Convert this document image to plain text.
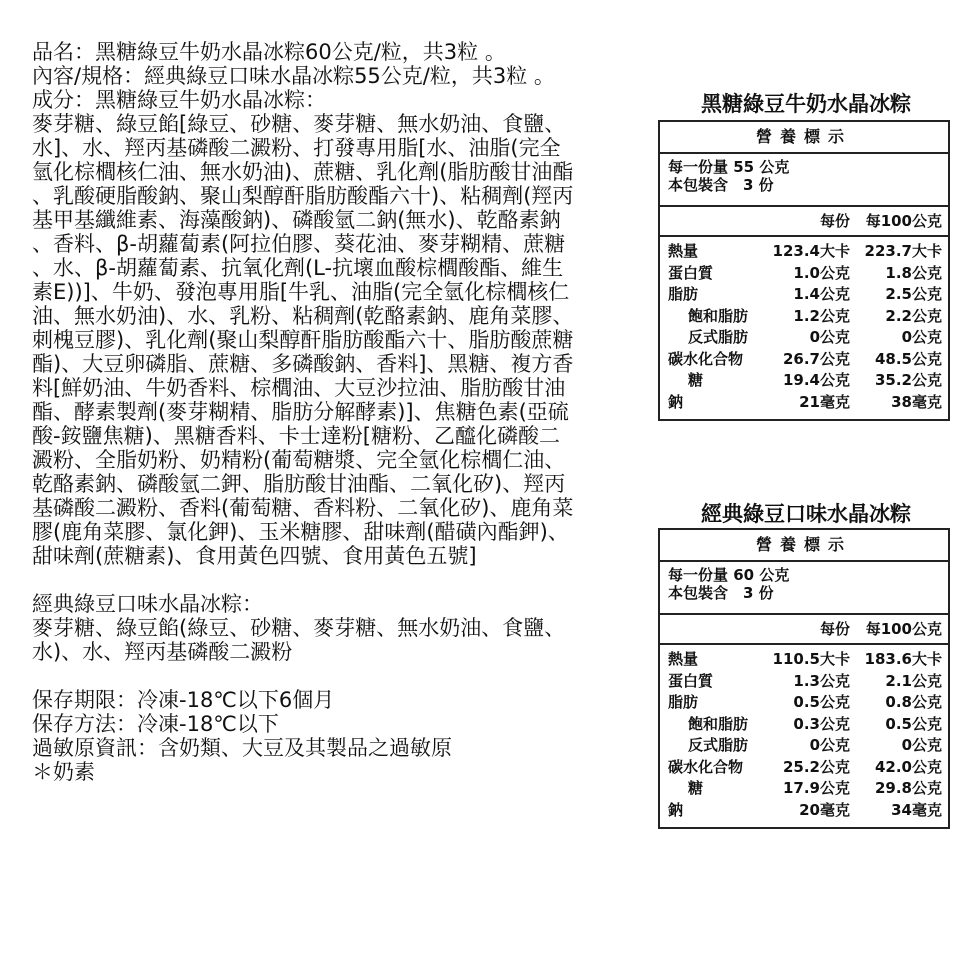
品名：黑糖綠豆牛奶水晶冰粽60公克/粒，共3粒 。
內容/規格：經典綠豆口味水晶冰粽55公克/粒，共3粒 。
成分：黑糖綠豆牛奶水晶冰粽：
麥芽糖、綠豆餡[綠豆、砂糖、麥芽糖、無水奶油、食鹽、
水]、水、羥丙基磷酸二澱粉、打發專用脂[水、油脂(完全
氫化棕櫚核仁油、無水奶油)、蔗糖、乳化劑(脂肪酸甘油酯
、乳酸硬脂酸鈉、聚山梨醇酐脂肪酸酯六十)、粘稠劑(羥丙
基甲基纖維素、海藻酸鈉)、磷酸氫二鈉(無水)、乾酪素鈉
、香料、β-胡蘿蔔素(阿拉伯膠、葵花油、麥芽糊精、蔗糖
、水、β-胡蘿蔔素、抗氧化劑(L-抗壞血酸棕櫚酸酯、維生
素E))]、牛奶、發泡專用脂[牛乳、油脂(完全氫化棕櫚核仁
油、無水奶油)、水、乳粉、粘稠劑(乾酪素鈉、鹿角菜膠、
刺槐豆膠)、乳化劑(聚山梨醇酐脂肪酸酯六十、脂肪酸蔗糖
酯)、大豆卵磷脂、蔗糖、多磷酸鈉、香料]、黑糖、複方香
料[鮮奶油、牛奶香料、棕櫚油、大豆沙拉油、脂肪酸甘油
酯、酵素製劑(麥芽糊精、脂肪分解酵素)]、焦糖色素(亞硫
酸-銨鹽焦糖)、黑糖香料、卡士達粉[糖粉、乙醯化磷酸二
澱粉、全脂奶粉、奶精粉(葡萄糖漿、完全氫化棕櫚仁油、
乾酪素鈉、磷酸氫二鉀、脂肪酸甘油酯、二氧化矽)、羥丙
基磷酸二澱粉、香料(葡萄糖、香料粉、二氧化矽)、鹿角菜
膠(鹿角菜膠、氯化鉀)、玉米糖膠、甜味劑(醋磺內酯鉀)、
甜味劑(蔗糖素)、食用黃色四號、食用黃色五號]
經典綠豆口味水晶冰粽：
麥芽糖、綠豆餡(綠豆、砂糖、麥芽糖、無水奶油、食鹽、
水)、水、羥丙基磷酸二澱粉
保存期限：冷凍-18℃以下6個月
保存方法：冷凍-18℃以下
過敏原資訊：含奶類、大豆及其製品之過敏原
＊奶素
黑糖綠豆牛奶水晶冰粽
營養標示
每一份量 55 公克
本包裝含　3 份
每份	每100公克
熱量	123.4大卡 223.7大卡
蛋白質	1.0公克	1.8公克
脂肪	1.4公克	2.5公克
飽和脂肪	1.2公克	2.2公克
反式脂肪	0公克	0公克
碳水化合物	26.7公克	48.5公克
糖	19.4公克	35.2公克
鈉	21毫克	38毫克
經典綠豆口味水晶冰粽
營養標示
每一份量 60 公克
本包裝含　3 份
每份	每100公克
熱量	110.5大卡 183.6大卡
蛋白質	1.3公克	2.1公克
脂肪	0.5公克	0.8公克
飽和脂肪	0.3公克	0.5公克
反式脂肪	0公克	0公克
碳水化合物	25.2公克	42.0公克
糖	17.9公克	29.8公克
鈉	20毫克	34毫克
